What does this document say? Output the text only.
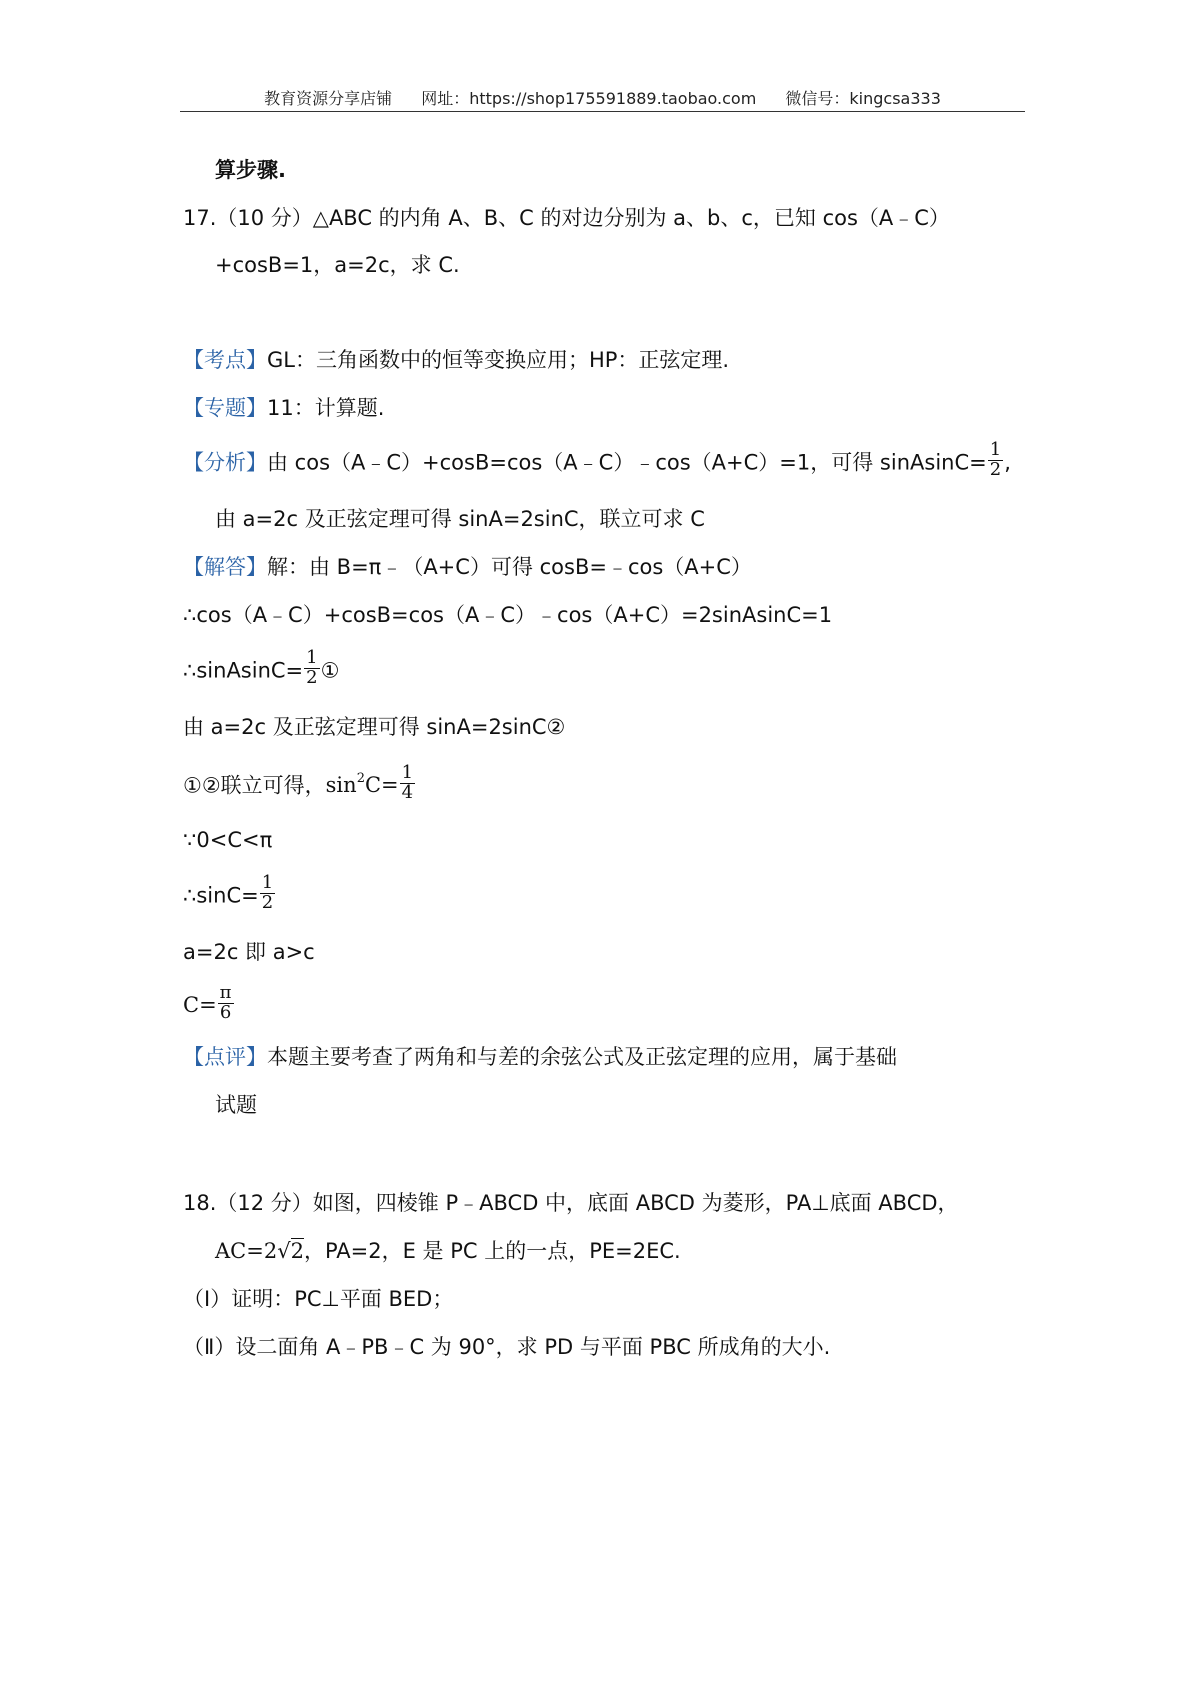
教育资源分享店铺 网址：https://shop175591889.taobao.com 微信号：kingcsa333
算步骤.
17.（10 分）△ABC 的内角 A、B、C 的对边分别为 a、b、c，已知 cos（A﹣C）
+cosB=1，a=2c，求 C.
【考点】GL：三角函数中的恒等变换应用；HP：正弦定理.
【专题】11：计算题.
【分析】由 cos（A﹣C）+cosB=cos（A﹣C）﹣cos（A+C）=1，可得 sinAsinC= $\frac{1}{2}$ ,
由 a=2c 及正弦定理可得 sinA=2sinC，联立可求 C
【解答】解：由 B=π﹣（A+C）可得 cosB=﹣cos（A+C）
∴cos（A﹣C）+cosB=cos（A﹣C）﹣cos（A+C）=2sinAsinC=1
∴sinAsinC= $\frac{1}{2}$ ①
由 a=2c 及正弦定理可得 sinA=2sinC②
①②联立可得，$\sin^2C= \frac{1}{4}$
∵0<C<π
∴sinC= $\frac{1}{2}$
a=2c 即 a>c
$C= \frac{\pi}{6}$
【点评】本题主要考查了两角和与差的余弦公式及正弦定理的应用，属于基础
试题
18.（12 分）如图，四棱锥 P﹣ABCD 中，底面 ABCD 为菱形，PA⊥底面 ABCD，
AC=2√2，PA=2，E 是 PC 上的一点，PE=2EC.
（Ⅰ）证明：PC⊥平面 BED；
（Ⅱ）设二面角 A﹣PB﹣C 为 90°，求 PD 与平面 PBC 所成角的大小.
